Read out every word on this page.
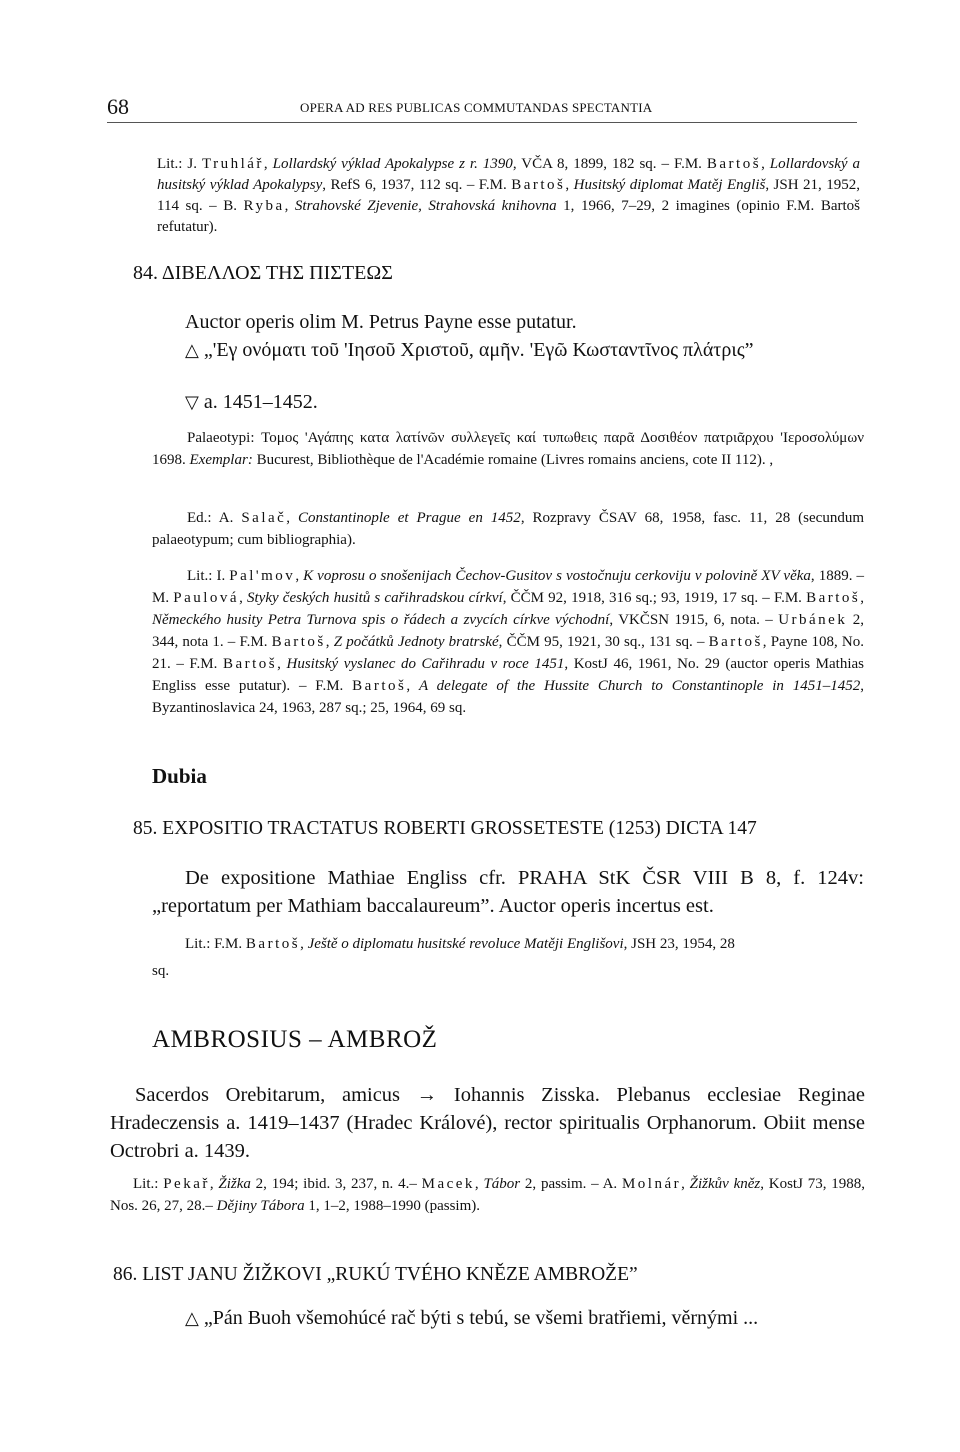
68	OPERA AD RES PUBLICAS COMMUTANDAS SPECTANTIA
Lit.: J. Truhlář, Lollardský výklad Apokalypse z r. 1390, VČA 8, 1899, 182 sq. – F.M. Bartoš, Lollardovský a husitský výklad Apokalypsy, RefS 6, 1937, 112 sq. – F.M. Bartoš, Husitský diplomat Matěj Engliš, JSH 21, 1952, 114 sq. – B. Ryba, Strahovské Zjevenie, Strahovská knihovna 1, 1966, 7–29, 2 imagines (opinio F.M. Bartoš refutatur).
84. ΔΙΒΕΛΛΟΣ ΤΗΣ ΠΙΣΤΕΩΣ

Auctor operis olim M. Petrus Payne esse putatur.

△ „'Εγ ονόματι τοῦ 'Ιησοῦ Χριστοῦ, αμῆν. 'Εγῶ Κωσταντῖνος πλάτρις”
▽ a. 1451–1452.
Palaeotypi: Τομος 'Αγάπης κατα λατίνῶν συλλεγεῖς καί τυπωθεις παρᾶ Δοσιθέον πατριᾶρχου 'Ιεροσολύμων 1698. Exemplar: Bucurest, Bibliothèque de l'Académie romaine (Livres romains anciens, cote II 112). ,
Ed.: A. Salač, Constantinople et Prague en 1452, Rozpravy ČSAV 68, 1958, fasc. 11, 28 (secundum palaeotypum; cum bibliographia).
Lit.: I. Pal'mov, K voprosu o snošenijach Čechov-Gusitov s vostočnuju cerkoviju v polovině XV věka, 1889. – M. Paulová, Styky českých husitů s cařihradskou církví, ČČM 92, 1918, 316 sq.; 93, 1919, 17 sq. – F.M. Bartoš, Německého husity Petra Turnova spis o řádech a zvycích církve východní, VKČSN 1915, 6, nota. – Urbánek 2, 344, nota 1. – F.M. Bartoš, Z počátků Jednoty bratrské, ČČM 95, 1921, 30 sq., 131 sq. – Bartoš, Payne 108, No. 21. – F.M. Bartoš, Husitský vyslanec do Cařihradu v roce 1451, KostJ 46, 1961, No. 29 (auctor operis Mathias Engliss esse putatur). – F.M. Bartoš, A delegate of the Hussite Church to Constantinople in 1451–1452, Byzantinoslavica 24, 1963, 287 sq.; 25, 1964, 69 sq.
Dubia
85. EXPOSITIO TRACTATUS ROBERTI GROSSETESTE (1253) DICTA 147
De expositione Mathiae Engliss cfr. PRAHA StK ČSR VIII B 8, f. 124v: „reportatum per Mathiam baccalaureum”. Auctor operis incertus est.
Lit.: F.M. Bartoš, Ještě o diplomatu husitské revoluce Matěji Englišovi, JSH 23, 1954, 28
sq.
AMBROSIUS – AMBROŽ
Sacerdos Orebitarum, amicus → Iohannis Zisska. Plebanus ecclesiae Reginae Hradeczensis a. 1419–1437 (Hradec Králové), rector spiritualis Orphanorum. Obiit mense Octrobri a. 1439.
Lit.: Pekař, Žižka 2, 194; ibid. 3, 237, n. 4.– Macek, Tábor 2, passim. – A. Molnár, Žižkův kněz, KostJ 73, 1988, Nos. 26, 27, 28.– Dějiny Tábora 1, 1–2, 1988–1990 (passim).
86. LIST JANU ŽIŽKOVI „RUKÚ TVÉHO KNĚZE AMBROŽE”
△ „Pán Buoh všemohúcé rač býti s tebú, se všemi bratřiemi, věrnými ...
